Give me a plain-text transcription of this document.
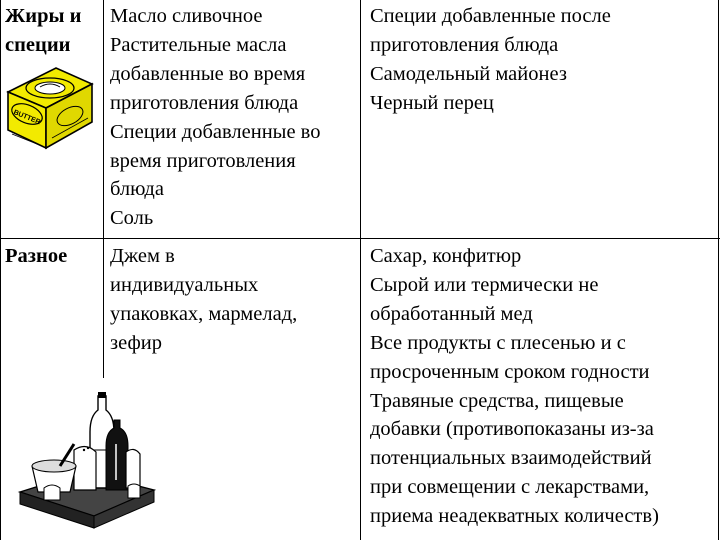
Жиры и
специи
BUTTER
Масло сливочное
Растительные масла
добавленные во время
приготовления блюда
Специи добавленные во
время приготовления
блюда
Соль
Специи добавленные после
приготовления блюда
Самодельный майонез
Черный перец
Разное	Джем в
индивидуальных
упаковках, мармелад,
зефир
Сахар, конфитюр
Сырой или термически не
обработанный мед
Все продукты с плесенью и с
просроченным сроком годности
Травяные средства, пищевые
добавки (противопоказаны из-за
потенциальных взаимодействий
при совмещении с лекарствами,
приема неадекватных количеств)
